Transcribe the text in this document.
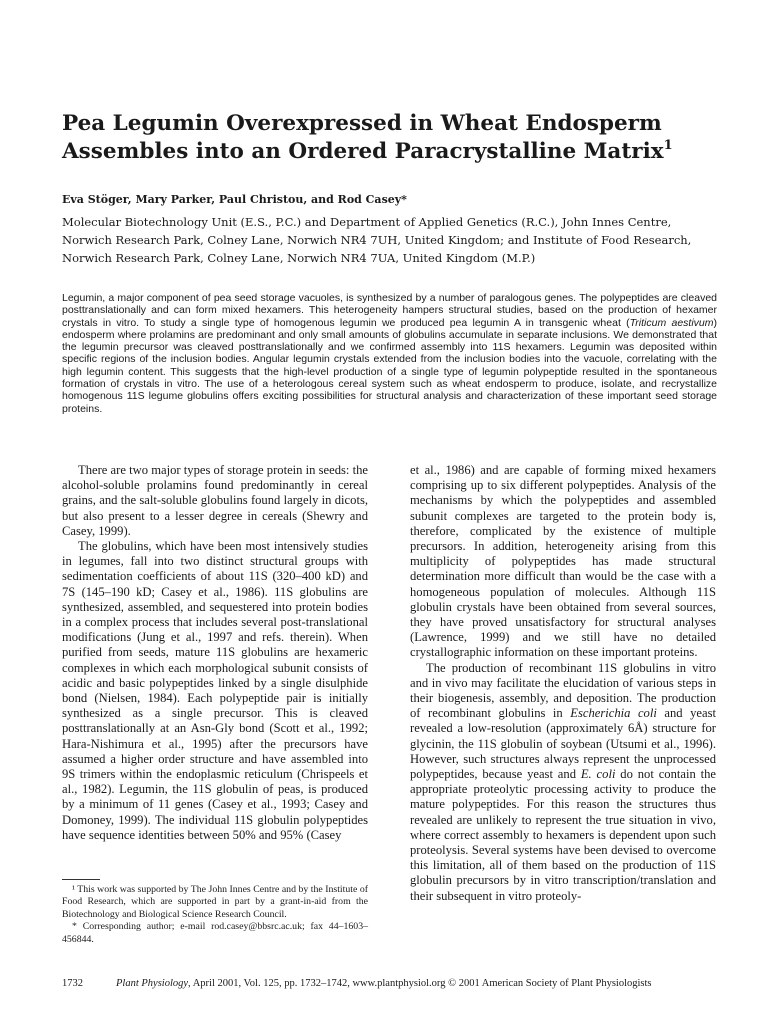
Pea Legumin Overexpressed in Wheat Endosperm Assembles into an Ordered Paracrystalline Matrix$^1$
Eva Stöger, Mary Parker, Paul Christou, and Rod Casey*
Molecular Biotechnology Unit (E.S., P.C.) and Department of Applied Genetics (R.C.), John Innes Centre, Norwich Research Park, Colney Lane, Norwich NR4 7UH, United Kingdom; and Institute of Food Research, Norwich Research Park, Colney Lane, Norwich NR4 7UA, United Kingdom (M.P.)
Legumin, a major component of pea seed storage vacuoles, is synthesized by a number of paralogous genes. The polypeptides are cleaved posttranslationally and can form mixed hexamers. This heterogeneity hampers structural studies, based on the production of hexamer crystals in vitro. To study a single type of homogenous legumin we produced pea legumin A in transgenic wheat (Triticum aestivum) endosperm where prolamins are predominant and only small amounts of globulins accumulate in separate inclusions. We demonstrated that the legumin precursor was cleaved posttranslationally and we confirmed assembly into 11S hexamers. Legumin was deposited within specific regions of the inclusion bodies. Angular legumin crystals extended from the inclusion bodies into the vacuole, correlating with the high legumin content. This suggests that the high-level production of a single type of legumin polypeptide resulted in the spontaneous formation of crystals in vitro. The use of a heterologous cereal system such as wheat endosperm to produce, isolate, and recrystallize homogenous 11S legume globulins offers exciting possibilities for structural analysis and characterization of these important seed storage proteins.

There are two major types of storage protein in seeds: the alcohol-soluble prolamins found predominantly in cereal grains, and the salt-soluble globulins found largely in dicots, but also present to a lesser degree in cereals (Shewry and Casey, 1999).

The globulins, which have been most intensively studies in legumes, fall into two distinct structural groups with sedimentation coefficients of about 11S (320–400 kD) and 7S (145–190 kD; Casey et al., 1986). 11S globulins are synthesized, assembled, and sequestered into protein bodies in a complex process that includes several post-translational modifications (Jung et al., 1997 and refs. therein). When purified from seeds, mature 11S globulins are hexameric complexes in which each morphological subunit consists of acidic and basic polypeptides linked by a single disulphide bond (Nielsen, 1984). Each polypeptide pair is initially synthesized as a single precursor. This is cleaved posttranslationally at an Asn-Gly bond (Scott et al., 1992; Hara-Nishimura et al., 1995) after the precursors have assumed a higher order structure and have assembled into 9S trimers within the endoplasmic reticulum (Chrispeels et al., 1982). Legumin, the 11S globulin of peas, is produced by a minimum of 11 genes (Casey et al., 1993; Casey and Domoney, 1999). The individual 11S globulin polypeptides have sequence identities between 50% and 95% (Casey

et al., 1986) and are capable of forming mixed hexamers comprising up to six different polypeptides. Analysis of the mechanisms by which the polypeptides and assembled subunit complexes are targeted to the protein body is, therefore, complicated by the existence of multiple precursors. In addition, heterogeneity arising from this multiplicity of polypeptides has made structural determination more difficult than would be the case with a homogeneous population of molecules. Although 11S globulin crystals have been obtained from several sources, they have proved unsatisfactory for structural analyses (Lawrence, 1999) and we still have no detailed crystallographic information on these important proteins.

The production of recombinant 11S globulins in vitro and in vivo may facilitate the elucidation of various steps in their biogenesis, assembly, and deposition. The production of recombinant globulins in Escherichia coli and yeast revealed a low-resolution (approximately 6Å) structure for glycinin, the 11S globulin of soybean (Utsumi et al., 1996). However, such structures always represent the unprocessed polypeptides, because yeast and E. coli do not contain the appropriate proteolytic processing activity to produce the mature polypeptides. For this reason the structures thus revealed are unlikely to represent the true situation in vivo, where correct assembly to hexamers is dependent upon such proteolysis. Several systems have been devised to overcome this limitation, all of them based on the production of 11S globulin precursors by in vitro transcription/translation and their subsequent in vitro proteoly-

¹ This work was supported by The John Innes Centre and by the Institute of Food Research, which are supported in part by a grant-in-aid from the Biotechnology and Biological Science Research Council.

* Corresponding author; e-mail rod.casey@bbsrc.ac.uk; fax 44–1603–456844.

1732	Plant Physiology, April 2001, Vol. 125, pp. 1732–1742, www.plantphysiol.org © 2001 American Society of Plant Physiologists
